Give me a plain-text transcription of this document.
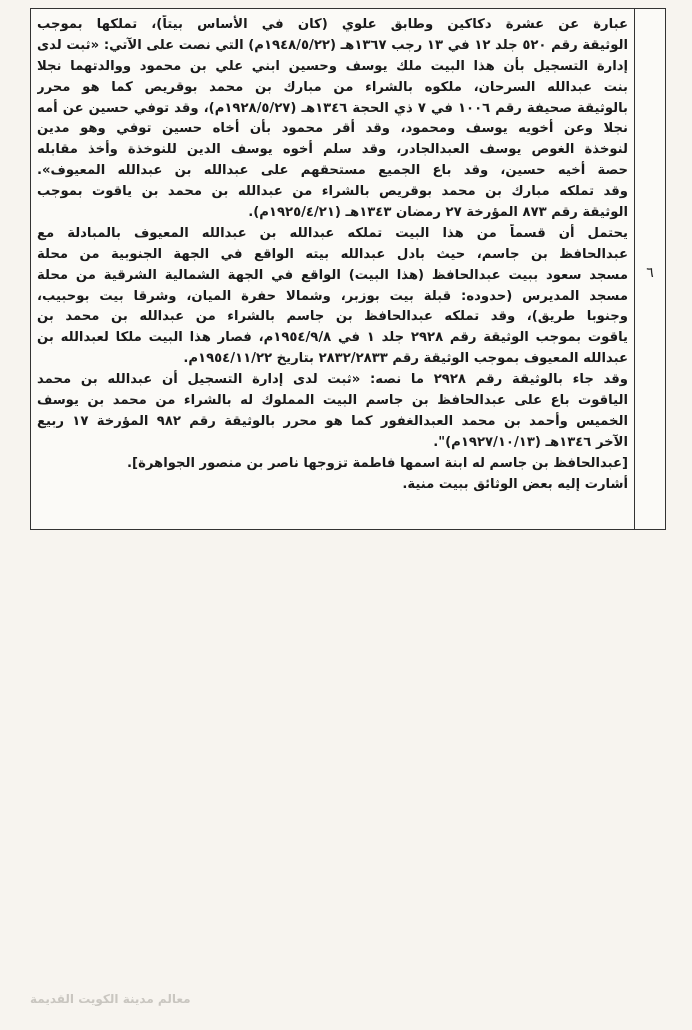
٦
عبارة عن عشرة دكاكين وطابق علوي (كان في الأساس بيتاً)، تملكها بموجب
الوثيقة رقم ٥٢٠ جلد ١٢ في ١٣ رجب ١٣٦٧هـ (١٩٤٨/٥/٢٢م) التي نصت على الآتي: «ثبت لدى
إدارة التسجيل بأن هذا البيت ملك يوسف وحسين ابني علي بن محمود ووالدتهما نجلا
بنت عبدالله السرحان، ملكوه بالشراء من مبارك بن محمد بوقريص كما هو محرر
بالوثيقة صحيفة رقم ١٠٠٦ في ٧ ذي الحجة ١٣٤٦هـ (١٩٢٨/٥/٢٧م)، وقد توفي حسين عن أمه
نجلا وعن أخويه يوسف ومحمود، وقد أقر محمود بأن أخاه حسين توفي وهو مدين
لنوخذة الغوص يوسف العبدالجادر، وقد سلم أخوه يوسف الدين للنوخذة وأخذ مقابله
حصة أخيه حسين، وقد باع الجميع مستحقهم على عبدالله بن عبدالله المعيوف».
وقد تملكه مبارك بن محمد بوقريص بالشراء من عبدالله بن محمد بن ياقوت بموجب
الوثيقة رقم ٨٧٣ المؤرخة ٢٧ رمضان ١٣٤٣هـ (١٩٢٥/٤/٢١م).
يحتمل أن قسماً من هذا البيت تملكه عبدالله بن عبدالله المعيوف بالمبادلة مع
عبدالحافظ بن جاسم، حيث بادل عبدالله بيته الواقع في الجهة الجنوبية من محلة
مسجد سعود ببيت عبدالحافظ (هذا البيت) الواقع في الجهة الشمالية الشرقية من محلة
مسجد المديرس (حدوده: قبلة بيت بوزبر، وشمالا حفرة الميان، وشرقا بيت بوحبيب،
وجنوبا طريق)، وقد تملكه عبدالحافظ بن جاسم بالشراء من عبدالله بن محمد بن
ياقوت بموجب الوثيقة رقم ٢٩٢٨ جلد ١ في ١٩٥٤/٩/٨م، فصار هذا البيت ملكا لعبدالله بن
عبدالله المعيوف بموجب الوثيقة رقم ٢٨٣٢/٢٨٣٣ بتاريخ ١٩٥٤/١١/٢٢م.
وقد جاء بالوثيقة رقم ٢٩٢٨ ما نصه: «ثبت لدى إدارة التسجيل أن عبدالله بن محمد
الياقوت باع على عبدالحافظ بن جاسم البيت المملوك له بالشراء من محمد بن يوسف
الخميس وأحمد بن محمد العبدالغفور كما هو محرر بالوثيقة رقم ٩٨٢ المؤرخة ١٧ ربيع
الآخر ١٣٤٦هـ (١٩٢٧/١٠/١٣م)".
[عبدالحافظ بن جاسم له ابنة اسمها فاطمة تزوجها ناصر بن منصور الجواهرة].
أشارت إليه بعض الوثائق ببيت منية.
معالم مدينة الكويت القديمة
